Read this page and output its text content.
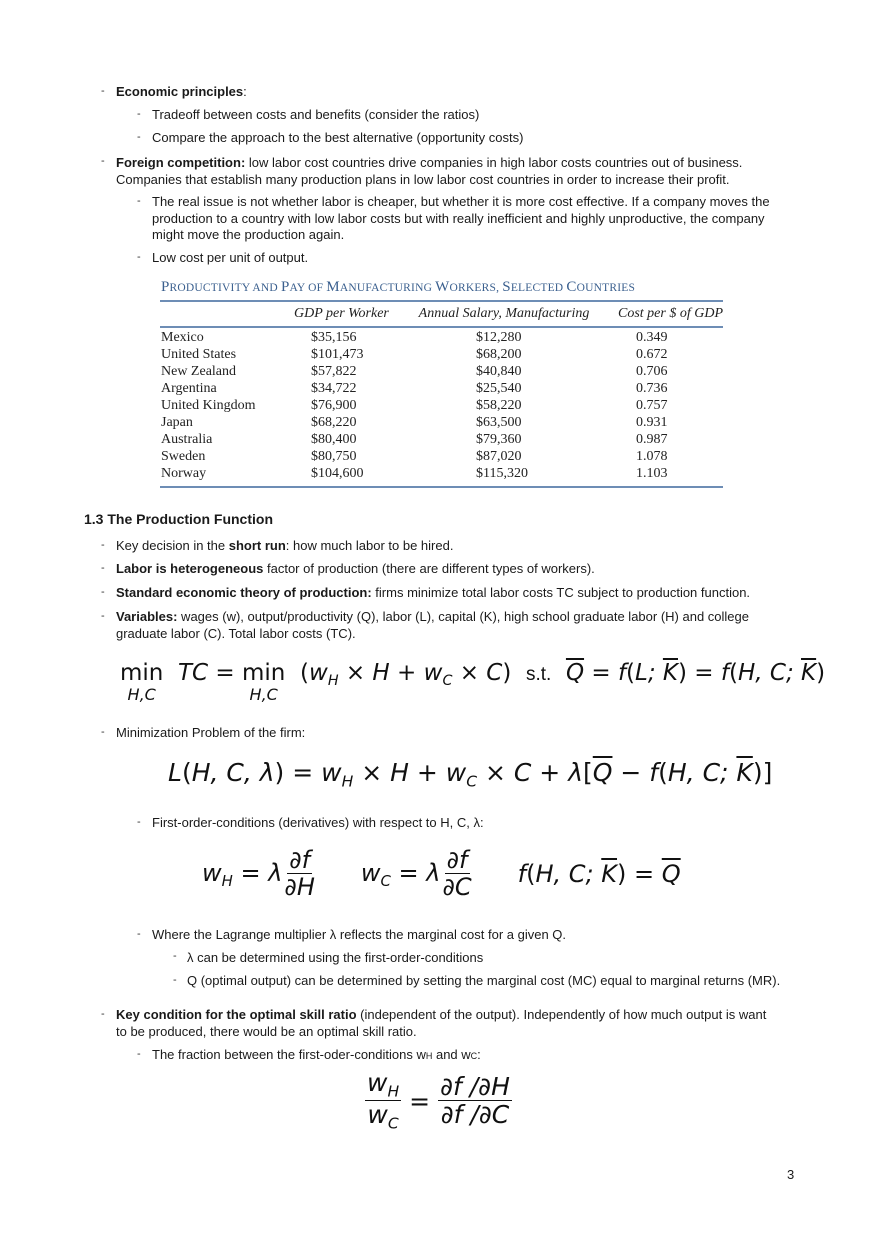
- Economic principles:
- Tradeoff between costs and benefits (consider the ratios)
- Compare the approach to the best alternative (opportunity costs)
- Foreign competition: low labor cost countries drive companies in high labor costs countries out of business.
Companies that establish many production plans in low labor cost countries in order to increase their profit.
- The real issue is not whether labor is cheaper, but whether it is more cost effective. If a company moves the
production to a country with low labor costs but with really inefficient and highly unproductive, the company
might move the production again.
- Low cost per unit of output.
PRODUCTIVITY AND PAY OF MANUFACTURING WORKERS, SELECTED COUNTRIES
	GDP per Worker	Annual Salary, Manufacturing	Cost per $ of GDP

Mexico	$35,156	$12,280	0.349
United States	$101,473	$68,200	0.672
New Zealand	$57,822	$40,840	0.706
Argentina	$34,722	$25,540	0.736
United Kingdom	$76,900	$58,220	0.757
Japan	$68,220	$63,500	0.931
Australia	$80,400	$79,360	0.987
Sweden	$80,750	$87,020	1.078
Norway	$104,600	$115,320	1.103
1.3 The Production Function
- Key decision in the short run: how much labor to be hired.
- Labor is heterogeneous factor of production (there are different types of workers).
- Standard economic theory of production: firms minimize total labor costs TC subject to production function.
- Variables: wages (w), output/productivity (Q), labor (L), capital (K), high school graduate labor (H) and college
graduate labor (C). Total labor costs (TC).
min
$^{H,C}$  TC = min
$^{H,C}$  $(w_H \times H + w_C \times C)$ s.t. $\overline{Q} = f(L$; $\overline{K}) = f(H$, C; $\overline{K}$)
- Minimization Problem of the firm:
L(H, C, $\lambda) = w_H \times H + w_C \times C + \lambda[\overline{Q} - f(H$, C; $\overline{K}$)]
- First-order-conditions (derivatives) with respect to H, C, λ:
$w_H = \lambda \frac{\partial f}{\partial H} w_C = \lambda \frac{\partial f}{\partial C} f(H$, C; $\overline{K}) = \overline{Q}$
- Where the Lagrange multiplier λ reflects the marginal cost for a given Q.
- λ can be determined using the first-order-conditions
- Q (optimal output) can be determined by setting the marginal cost (MC) equal to marginal returns (MR).
- Key condition for the optimal skill ratio (independent of the output). Independently of how much output is want
to be produced, there would be an optimal skill ratio.
- The fraction between the first-oder-conditions wH and wC:
$\frac{w_H}{w_C} = \frac{\partial f /\partial H}{\partial f /\partial C}$
3
